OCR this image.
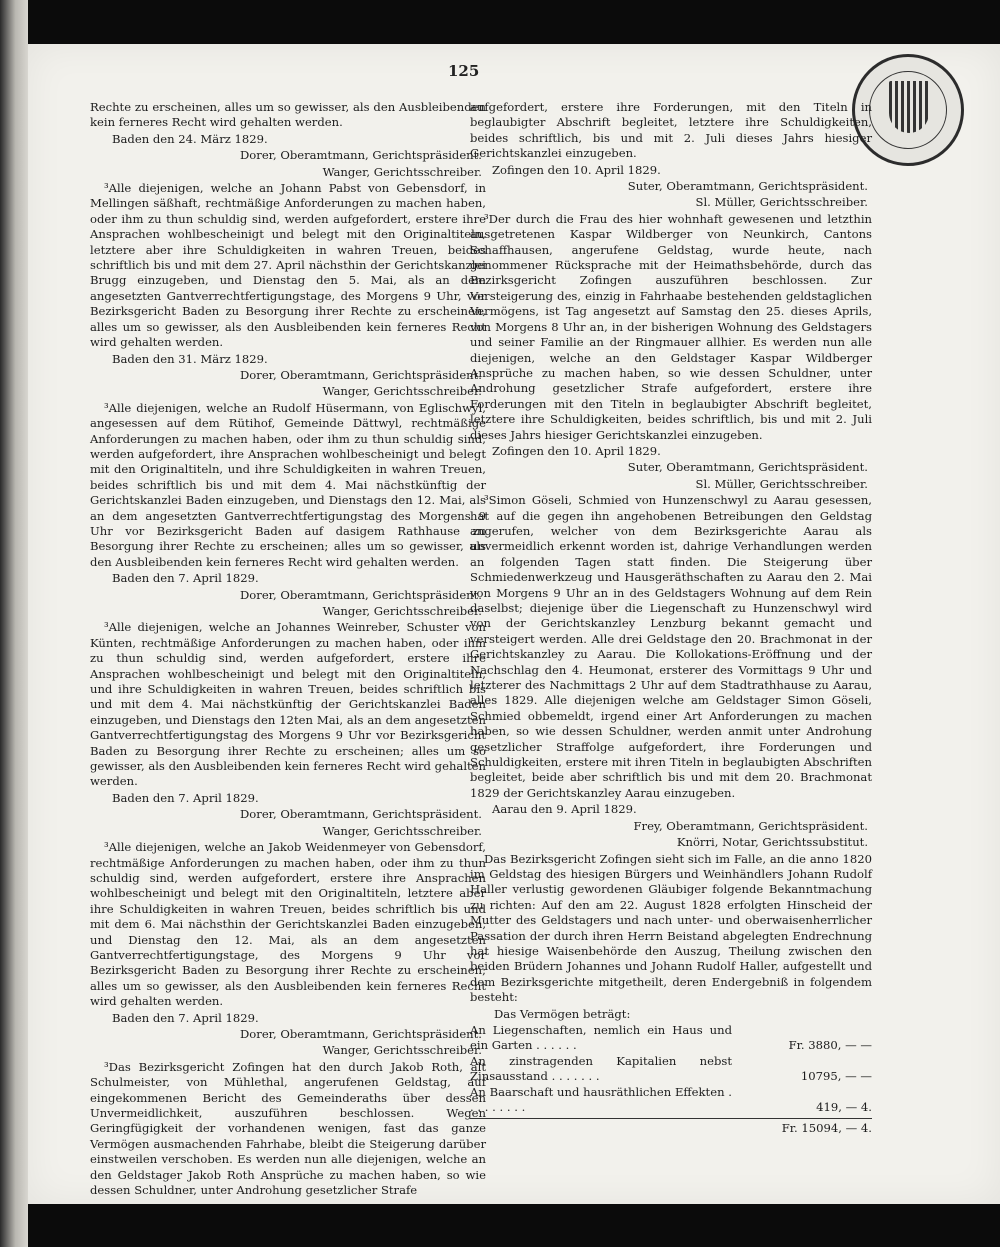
125

Rechte zu erscheinen, alles um so gewisser, als den Ausbleibenden kein ferneres Recht wird gehalten werden.

Baden den 24. März 1829.

Dorer, Oberamtmann, Gerichtspräsident.

Wanger, Gerichtsschreiber.

³Alle diejenigen, welche an Johann Pabst von Gebensdorf, in Mellingen säßhaft, rechtmäßige Anforderungen zu machen haben, oder ihm zu thun schuldig sind, werden aufgefordert, erstere ihre Ansprachen wohlbescheinigt und belegt mit den Originaltiteln, letztere aber ihre Schuldigkeiten in wahren Treuen, beides schriftlich bis und mit dem 27. April nächsthin der Gerichtskanzlei Brugg einzugeben, und Dienstag den 5. Mai, als an dem angesetzten Gantverrechtfertigungstage, des Morgens 9 Uhr, vor Bezirksgericht Baden zu Besorgung ihrer Rechte zu erscheinen, alles um so gewisser, als den Ausbleibenden kein ferneres Recht wird gehalten werden.

Baden den 31. März 1829.

Dorer, Oberamtmann, Gerichtspräsident.

Wanger, Gerichtsschreiber.

³Alle diejenigen, welche an Rudolf Hüsermann, von Eglischwyl, angesessen auf dem Rütihof, Gemeinde Dättwyl, rechtmäßige Anforderungen zu machen haben, oder ihm zu thun schuldig sind, werden aufgefordert, ihre Ansprachen wohlbescheinigt und belegt mit den Originaltiteln, und ihre Schuldigkeiten in wahren Treuen, beides schriftlich bis und mit dem 4. Mai nächstkünftig der Gerichtskanzlei Baden einzugeben, und Dienstags den 12. Mai, als an dem angesetzten Gantverrechtfertigungstag des Morgens 9 Uhr vor Bezirksgericht Baden auf dasigem Rathhause zu Besorgung ihrer Rechte zu erscheinen; alles um so gewisser, als den Ausbleibenden kein ferneres Recht wird gehalten werden.

Baden den 7. April 1829.

Dorer, Oberamtmann, Gerichtspräsident.

Wanger, Gerichtsschreiber.

³Alle diejenigen, welche an Johannes Weinreber, Schuster von Künten, rechtmäßige Anforderungen zu machen haben, oder ihm zu thun schuldig sind, werden aufgefordert, erstere ihre Ansprachen wohlbescheinigt und belegt mit den Originaltiteln, und ihre Schuldigkeiten in wahren Treuen, beides schriftlich bis und mit dem 4. Mai nächstkünftig der Gerichtskanzlei Baden einzugeben, und Dienstags den 12ten Mai, als an dem angesetzten Gantverrechtfertigungstag des Morgens 9 Uhr vor Bezirksgericht Baden zu Besorgung ihrer Rechte zu erscheinen; alles um so gewisser, als den Ausbleibenden kein ferneres Recht wird gehalten werden.

Baden den 7. April 1829.

Dorer, Oberamtmann, Gerichtspräsident.

Wanger, Gerichtsschreiber.

³Alle diejenigen, welche an Jakob Weidenmeyer von Gebensdorf, rechtmäßige Anforderungen zu machen haben, oder ihm zu thun schuldig sind, werden aufgefordert, erstere ihre Ansprachen wohlbescheinigt und belegt mit den Originaltiteln, letztere aber ihre Schuldigkeiten in wahren Treuen, beides schriftlich bis und mit dem 6. Mai nächsthin der Gerichtskanzlei Baden einzugeben, und Dienstag den 12. Mai, als an dem angesetzten Gantverrechtfertigungstage, des Morgens 9 Uhr vor Bezirksgericht Baden zu Besorgung ihrer Rechte zu erscheinen; alles um so gewisser, als den Ausbleibenden kein ferneres Recht wird gehalten werden.

Baden den 7. April 1829.

Dorer, Oberamtmann, Gerichtspräsident.

Wanger, Gerichtsschreiber.

³Das Bezirksgericht Zofingen hat den durch Jakob Roth, alt Schulmeister, von Mühlethal, angerufenen Geldstag, auf eingekommenen Bericht des Gemeinderaths über dessen Unvermeidlichkeit, auszuführen beschlossen. Wegen Geringfügigkeit der vorhandenen wenigen, fast das ganze Vermögen ausmachenden Fahrhabe, bleibt die Steigerung darüber einstweilen verschoben. Es werden nun alle diejenigen, welche an den Geldstager Jakob Roth Ansprüche zu machen haben, so wie dessen Schuldner, unter Androhung gesetzlicher Strafe

aufgefordert, erstere ihre Forderungen, mit den Titeln in beglaubigter Abschrift begleitet, letztere ihre Schuldigkeiten, beides schriftlich, bis und mit 2. Juli dieses Jahrs hiesiger Gerichtskanzlei einzugeben.

Zofingen den 10. April 1829.

Suter, Oberamtmann, Gerichtspräsident.

Sl. Müller, Gerichtsschreiber.

³Der durch die Frau des hier wohnhaft gewesenen und letzthin ausgetretenen Kaspar Wildberger von Neunkirch, Cantons Schaffhausen, angerufene Geldstag, wurde heute, nach genommener Rücksprache mit der Heimathsbehörde, durch das Bezirksgericht Zofingen auszuführen beschlossen. Zur Versteigerung des, einzig in Fahrhaabe bestehenden geldstaglichen Vermögens, ist Tag angesetzt auf Samstag den 25. dieses Aprils, von Morgens 8 Uhr an, in der bisherigen Wohnung des Geldstagers und seiner Familie an der Ringmauer allhier. Es werden nun alle diejenigen, welche an den Geldstager Kaspar Wildberger Ansprüche zu machen haben, so wie dessen Schuldner, unter Androhung gesetzlicher Strafe aufgefordert, erstere ihre Forderungen mit den Titeln in beglaubigter Abschrift begleitet, letztere ihre Schuldigkeiten, beides schriftlich, bis und mit 2. Juli dieses Jahrs hiesiger Gerichtskanzlei einzugeben.

Zofingen den 10. April 1829.

Suter, Oberamtmann, Gerichtspräsident.

Sl. Müller, Gerichtsschreiber.

³Simon Göseli, Schmied von Hunzenschwyl zu Aarau gesessen, hat auf die gegen ihn angehobenen Betreibungen den Geldstag angerufen, welcher von dem Bezirksgerichte Aarau als unvermeidlich erkennt worden ist, dahrige Verhandlungen werden an folgenden Tagen statt finden. Die Steigerung über Schmiedenwerkzeug und Hausgeräthschaften zu Aarau den 2. Mai von Morgens 9 Uhr an in des Geldstagers Wohnung auf dem Rein daselbst; diejenige über die Liegenschaft zu Hunzenschwyl wird von der Gerichtskanzley Lenzburg bekannt gemacht und versteigert werden. Alle drei Geldstage den 20. Brachmonat in der Gerichtskanzley zu Aarau. Die Kollokations-Eröffnung und der Nachschlag den 4. Heumonat, ersterer des Vormittags 9 Uhr und letzterer des Nachmittags 2 Uhr auf dem Stadtrathhause zu Aarau, alles 1829. Alle diejenigen welche am Geldstager Simon Göseli, Schmied obbemeldt, irgend einer Art Anforderungen zu machen haben, so wie dessen Schuldner, werden anmit unter Androhung gesetzlicher Straffolge aufgefordert, ihre Forderungen und Schuldigkeiten, erstere mit ihren Titeln in beglaubigten Abschriften begleitet, beide aber schriftlich bis und mit dem 20. Brachmonat 1829 der Gerichtskanzley Aarau einzugeben.

Aarau den 9. April 1829.

Frey, Oberamtmann, Gerichtspräsident.

Knörri, Notar, Gerichtssubstitut.

Das Bezirksgericht Zofingen sieht sich im Falle, an die anno 1820 im Geldstag des hiesigen Bürgers und Weinhändlers Johann Rudolf Haller verlustig gewordenen Gläubiger folgende Bekanntmachung zu richten: Auf den am 22. August 1828 erfolgten Hinscheid der Mutter des Geldstagers und nach unter- und oberwaisenherrlicher Passation der durch ihren Herrn Beistand abgelegten Endrechnung hat hiesige Waisenbehörde den Auszug, Theilung zwischen den beiden Brüdern Johannes und Johann Rudolf Haller, aufgestellt und dem Bezirksgerichte mitgetheilt, deren Endergebniß in folgendem besteht:

Das Vermögen beträgt:

An Liegenschaften, nemlich ein Haus und ein Garten . . . . . .	Fr. 3880, — —
An zinstragenden Kapitalien nebst Zinsausstand . . . . . . .	10795, — —
An Baarschaft und hausräthlichen Effekten . . . . . . . . .	419, — 4.
Fr. 15094, — 4.
